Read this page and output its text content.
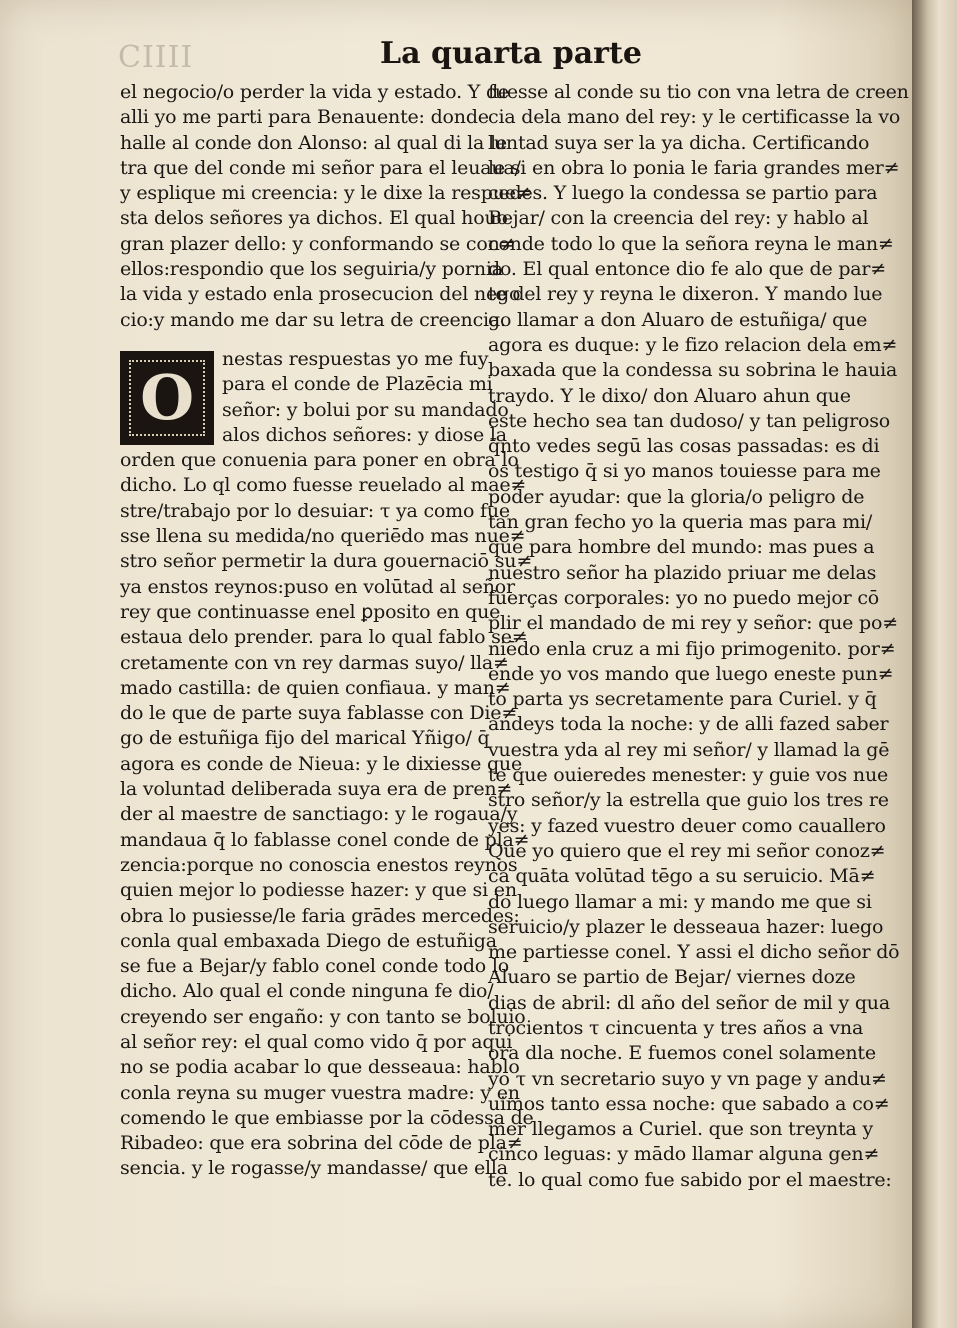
CIIII	La quarta parte
el negocio/o perder la vida y estado. Y de
alli yo me parti para Benauente: donde
halle al conde don Alonso: al qual di la le
tra que del conde mi señor para el leuaua/
y esplique mi creencia: y le dixe la respue≠
sta delos señores ya dichos. El qual houo
gran plazer dello: y conformando se con≠
ellos:respondio que los seguiria/y pornia
la vida y estado enla prosecucion del nego
cio:y mando me dar su letra de creencia.
O
nestas respuestas yo me fuy
para el conde de Plazēcia mi
señor: y bolui por su mandado
alos dichos señores: y diose la
orden que conuenia para poner en obra lo
dicho. Lo ql como fuesse reuelado al mae≠
stre/trabajo por lo desuiar: τ ya como fue
sse llena su medida/no queriēdo mas nue≠
stro señor permetir la dura gouernaciō su≠
ya enstos reynos:puso en volūtad al señor
rey que continuasse enel ꝑposito en que
estaua delo prender. para lo qual fablo se≠
cretamente con vn rey darmas suyo/ lla≠
mado castilla: de quien confiaua. y man≠
do le que de parte suya fablasse con Die≠
go de estuñiga fijo del marical Yñigo/ q̄
agora es conde de Nieua: y le dixiesse que
la voluntad deliberada suya era de pren≠
der al maestre de sanctiago: y le rogaua/y
mandaua q̄ lo fablasse conel conde de pla≠
zencia:porque no conoscia enestos reynos
quien mejor lo podiesse hazer: y que si en
obra lo pusiesse/le faria grādes mercedes:
conla qual embaxada Diego de estuñiga
se fue a Bejar/y fablo conel conde todo lo
dicho. Alo qual el conde ninguna fe dio/
creyendo ser engaño: y con tanto se boluio
al señor rey: el qual como vido q̄ por aqui
no se podia acabar lo que desseaua: hablo
conla reyna su muger vuestra madre: y en
comendo le que embiasse por la cōdessa de
Ribadeo: que era sobrina del cōde de pla≠
sencia. y le rogasse/y mandasse/ que ella
fuesse al conde su tio con vna letra de creen
cia dela mano del rey: y le certificasse la vo
luntad suya ser la ya dicha. Certificando
le si en obra lo ponia le faria grandes mer≠
cedes. Y luego la condessa se partio para
Bejar/ con la creencia del rey: y hablo al
conde todo lo que la señora reyna le man≠
do. El qual entonce dio fe alo que de par≠
te del rey y reyna le dixeron. Y mando lue
go llamar a don Aluaro de estuñiga/ que
agora es duque: y le fizo relacion dela em≠
baxada que la condessa su sobrina le hauia
traydo. Y le dixo/ don Aluaro ahun que
este hecho sea tan dudoso/ y tan peligroso
q̄nto vedes segū las cosas passadas: es di
os testigo q̄ si yo manos touiesse para me
poder ayudar: que la gloria/o peligro de
tan gran fecho yo la queria mas para mi/
que para hombre del mundo: mas pues a
nuestro señor ha plazido priuar me delas
fuerças corporales: yo no puedo mejor cō
plir el mandado de mi rey y señor: que po≠
niēdo enla cruz a mi fijo primogenito. por≠
ende yo vos mando que luego eneste pun≠
to parta ys secretamente para Curiel. y q̄
andeys toda la noche: y de alli fazed saber
vuestra yda al rey mi señor/ y llamad la gē
te que ouieredes menester: y guie vos nue
stro señor/y la estrella que guio los tres re
yes: y fazed vuestro deuer como cauallero
Que yo quiero que el rey mi señor conoz≠
ca quāta volūtad tēgo a su seruicio. Mā≠
do luego llamar a mi: y mando me que si
seruicio/y plazer le desseaua hazer: luego
me partiesse conel. Y assi el dicho señor dō
Aluaro se partio de Bejar/ viernes doze
dias de abril: dl año del señor de mil y qua
trocientos τ cincuenta y tres años a vna
ora dla noche. E fuemos conel solamente
yo τ vn secretario suyo y vn page y andu≠
uimos tanto essa noche: que sabado a co≠
mer llegamos a Curiel. que son treynta y
cinco leguas: y mādo llamar alguna gen≠
te. lo qual como fue sabido por el maestre:
